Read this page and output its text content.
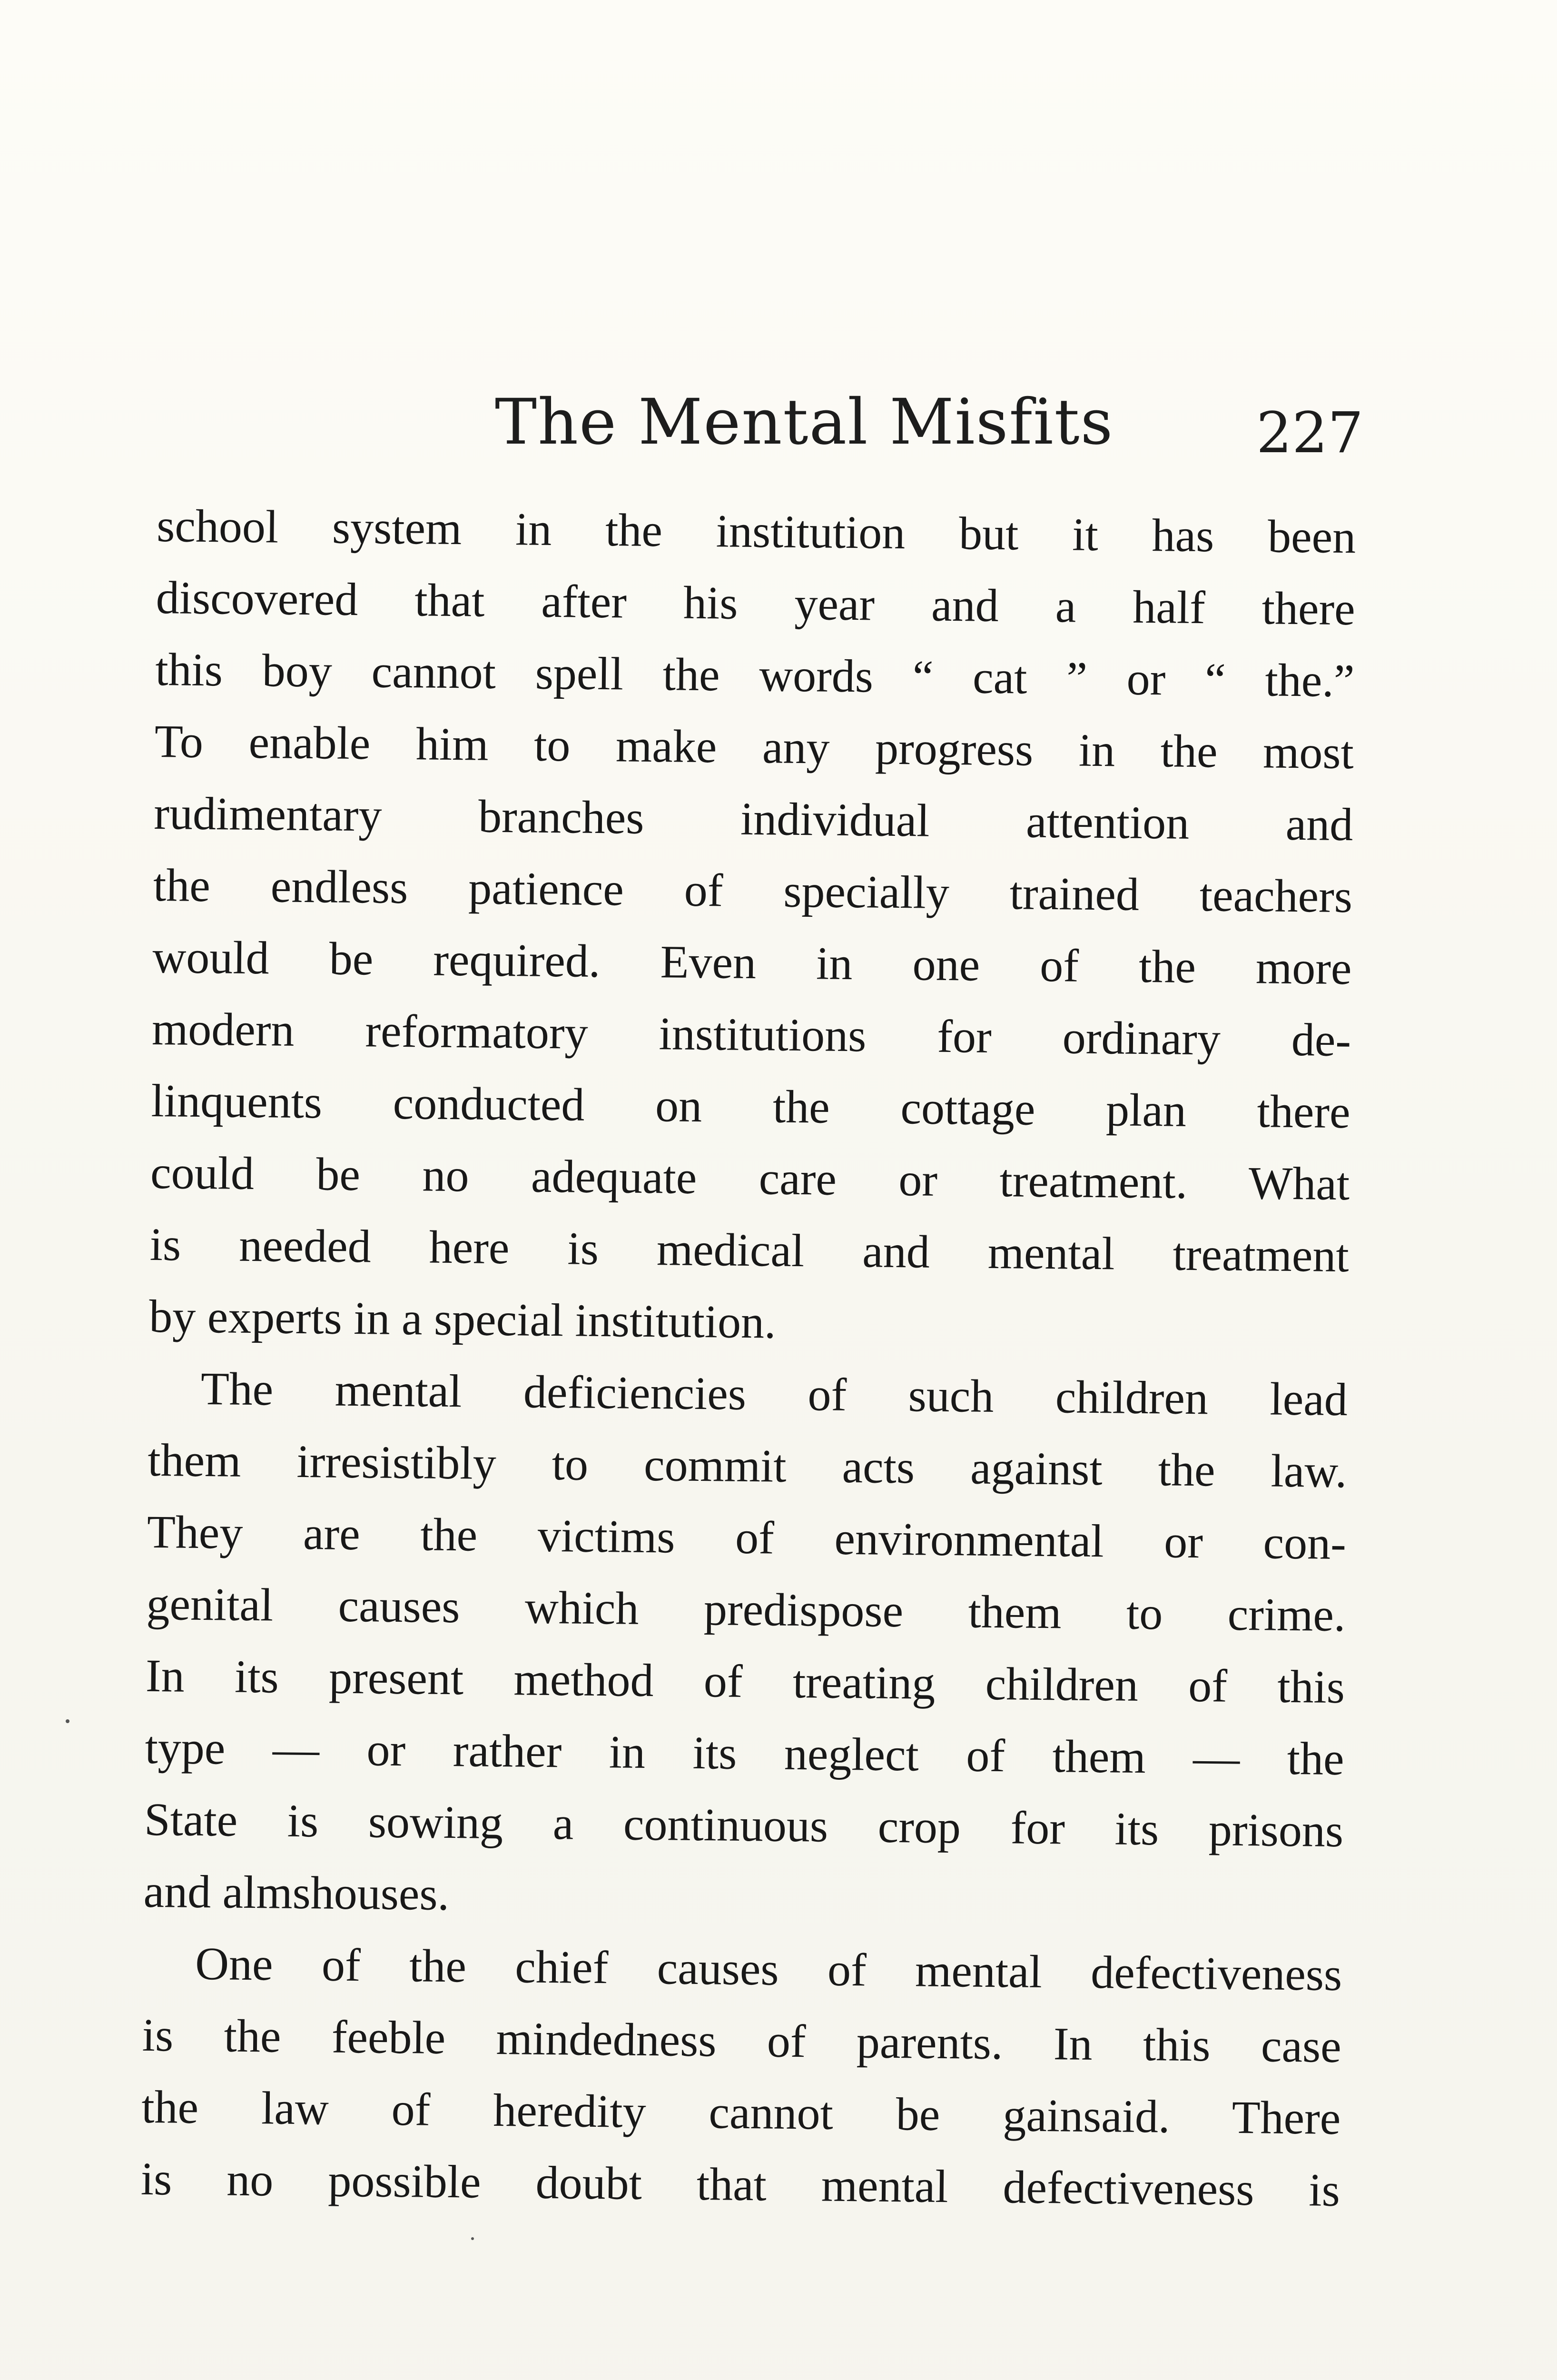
The Mental Misfits	227
school system in the institution but it has been
discovered that after his year and a half there
this boy cannot spell the words “ cat ” or “ the.”
To enable him to make any progress in the most
rudimentary branches individual attention and
the endless patience of specially trained teachers
would be required. Even in one of the more
modern reformatory institutions for ordinary de-
linquents conducted on the cottage plan there
could be no adequate care or treatment. What
is needed here is medical and mental treatment
by experts in a special institution.
The mental deficiencies of such children lead
them irresistibly to commit acts against the law.
They are the victims of environmental or con-
genital causes which predispose them to crime.
In its present method of treating children of this
type — or rather in its neglect of them — the
State is sowing a continuous crop for its prisons
and almshouses.
One of the chief causes of mental defectiveness
is the feeble mindedness of parents. In this case
the law of heredity cannot be gainsaid. There
is no possible doubt that mental defectiveness is
